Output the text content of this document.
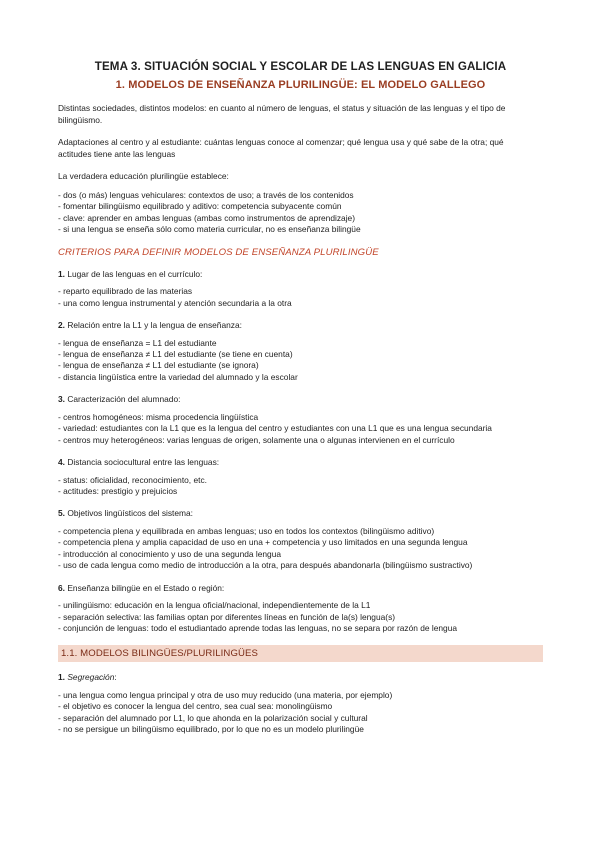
TEMA 3. SITUACIÓN SOCIAL Y ESCOLAR DE LAS LENGUAS EN GALICIA
1. MODELOS DE ENSEÑANZA PLURILINGÜE: EL MODELO GALLEGO

Distintas sociedades, distintos modelos: en cuanto al número de lenguas, el status y situación de las lenguas y el tipo de

bilingüismo.

Adaptaciones al centro y al estudiante: cuántas lenguas conoce al comenzar; qué lengua usa y qué sabe de la otra; qué

actitudes tiene ante las lenguas

La verdadera educación plurilingüe establece:

- dos (o más) lenguas vehiculares: contextos de uso; a través de los contenidos
- fomentar bilingüismo equilibrado y aditivo: competencia subyacente común
- clave: aprender en ambas lenguas (ambas como instrumentos de aprendizaje)
- si una lengua se enseña sólo como materia curricular, no es enseñanza bilingüe
CRITERIOS PARA DEFINIR MODELOS DE ENSEÑANZA PLURILINGÜE
1. Lugar de las lenguas en el currículo:
- reparto equilibrado de las materias
- una como lengua instrumental y atención secundaria a la otra
2. Relación entre la L1 y la lengua de enseñanza:
- lengua de enseñanza = L1 del estudiante
- lengua de enseñanza ≠ L1 del estudiante (se tiene en cuenta)
- lengua de enseñanza ≠ L1 del estudiante (se ignora)
- distancia lingüística entre la variedad del alumnado y la escolar
3. Caracterización del alumnado:
- centros homogéneos: misma procedencia lingüística
- variedad: estudiantes con la L1 que es la lengua del centro y estudiantes con una L1 que es una lengua secundaria
- centros muy heterogéneos: varias lenguas de origen, solamente una o algunas intervienen en el currículo
4. Distancia sociocultural entre las lenguas:
- status: oficialidad, reconocimiento, etc.
- actitudes: prestigio y prejuicios
5. Objetivos lingüísticos del sistema:
- competencia plena y equilibrada en ambas lenguas; uso en todos los contextos (bilingüismo aditivo)
- competencia plena y amplia capacidad de uso en una + competencia y uso limitados en una segunda lengua
- introducción al conocimiento y uso de una segunda lengua
- uso de cada lengua como medio de introducción a la otra, para después abandonarla (bilingüismo sustractivo)
6. Enseñanza bilingüe en el Estado o región:
- unilingüismo: educación en la lengua oficial/nacional, independientemente de la L1
- separación selectiva: las familias optan por diferentes líneas en función de la(s) lengua(s)
- conjunción de lenguas: todo el estudiantado aprende todas las lenguas, no se separa por razón de lengua
1.1. MODELOS BILINGÜES/PLURILINGÜES
1. Segregación:
- una lengua como lengua principal y otra de uso muy reducido (una materia, por ejemplo)
- el objetivo es conocer la lengua del centro, sea cual sea: monolingüismo
- separación del alumnado por L1, lo que ahonda en la polarización social y cultural
- no se persigue un bilingüismo equilibrado, por lo que no es un modelo plurilingüe
